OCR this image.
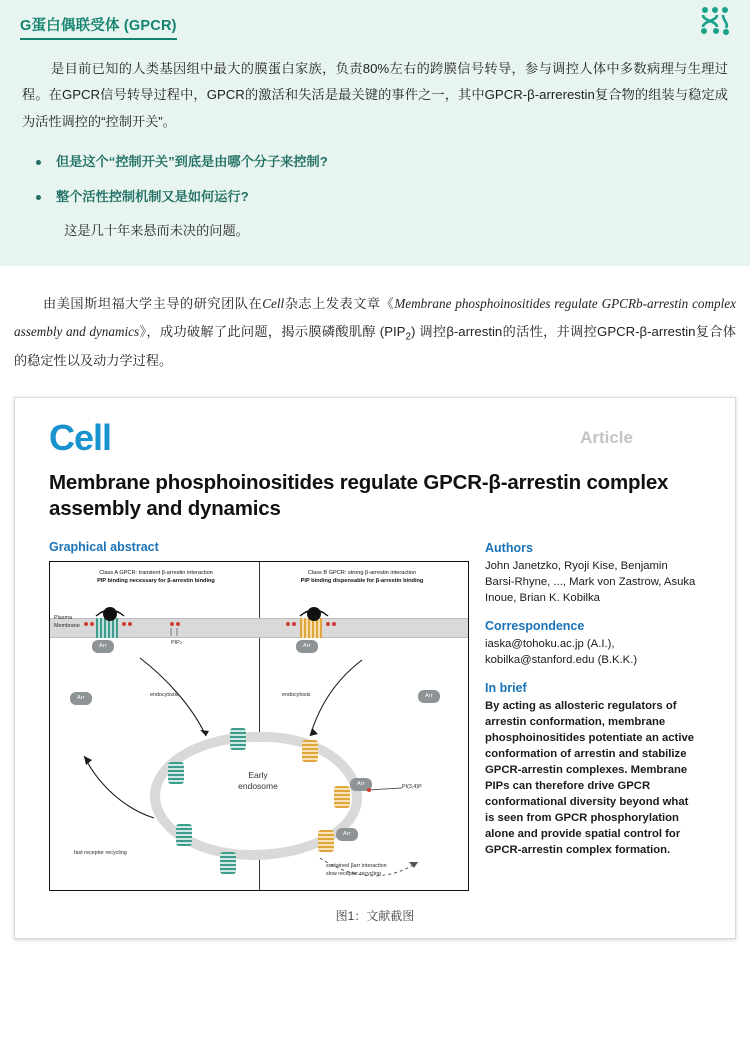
G蛋白偶联受体 (GPCR)

是目前已知的人类基因组中最大的膜蛋白家族，负责80%左右的跨膜信号转导，参与调控人体中多数病理与生理过程。在GPCR信号转导过程中，GPCR的激活和失活是最关键的事件之一，其中GPCR-β-arrerestin复合物的组装与稳定成为活性调控的“控制开关”。

但是这个“控制开关”到底是由哪个分子来控制?
整个活性控制机制又是如何运行?

这是几十年来悬而未决的问题。

由美国斯坦福大学主导的研究团队在Cell杂志上发表文章《Membrane phosphoinositides regulate GPCRb-arrestin complex assembly and dynamics》，成功破解了此问题，揭示膜磷酸肌醇 $(PIP_2)$ 调控β-arrestin的活性，并调控GPCR-β-arrestin复合体的稳定性以及动力学过程。

Cell	Article
Membrane phosphoinositides regulate GPCR-β-arrestin complex assembly and dynamics
Graphical abstract
Class A GPCR: transient β-arrestin interaction
PIP binding necessary for β-arrestin binding
Class B GPCR: strong β-arrestin interaction
PIP binding dispensable for β-arrestin binding
Plasma
Membrane
Arr	PIP2
Arr
Arr	Arr
endocytosis	endocytosis
Early
endosome	Arr
Arr
fast receptor recycling
PI(3,4)P
sustained βarr interaction
slow receptor recycling
Authors

John Janetzko, Ryoji Kise, Benjamin Barsi-Rhyne, ..., Mark von Zastrow, Asuka Inoue, Brian K. Kobilka

Correspondence

iaska@tohoku.ac.jp (A.I.), kobilka@stanford.edu (B.K.K.)

In brief

By acting as allosteric regulators of arrestin conformation, membrane phosphoinositides potentiate an active conformation of arrestin and stabilize GPCR-arrestin complexes. Membrane PIPs can therefore drive GPCR conformational diversity beyond what is seen from GPCR phosphorylation alone and provide spatial control for GPCR-arrestin complex formation.

图1：文献截图
